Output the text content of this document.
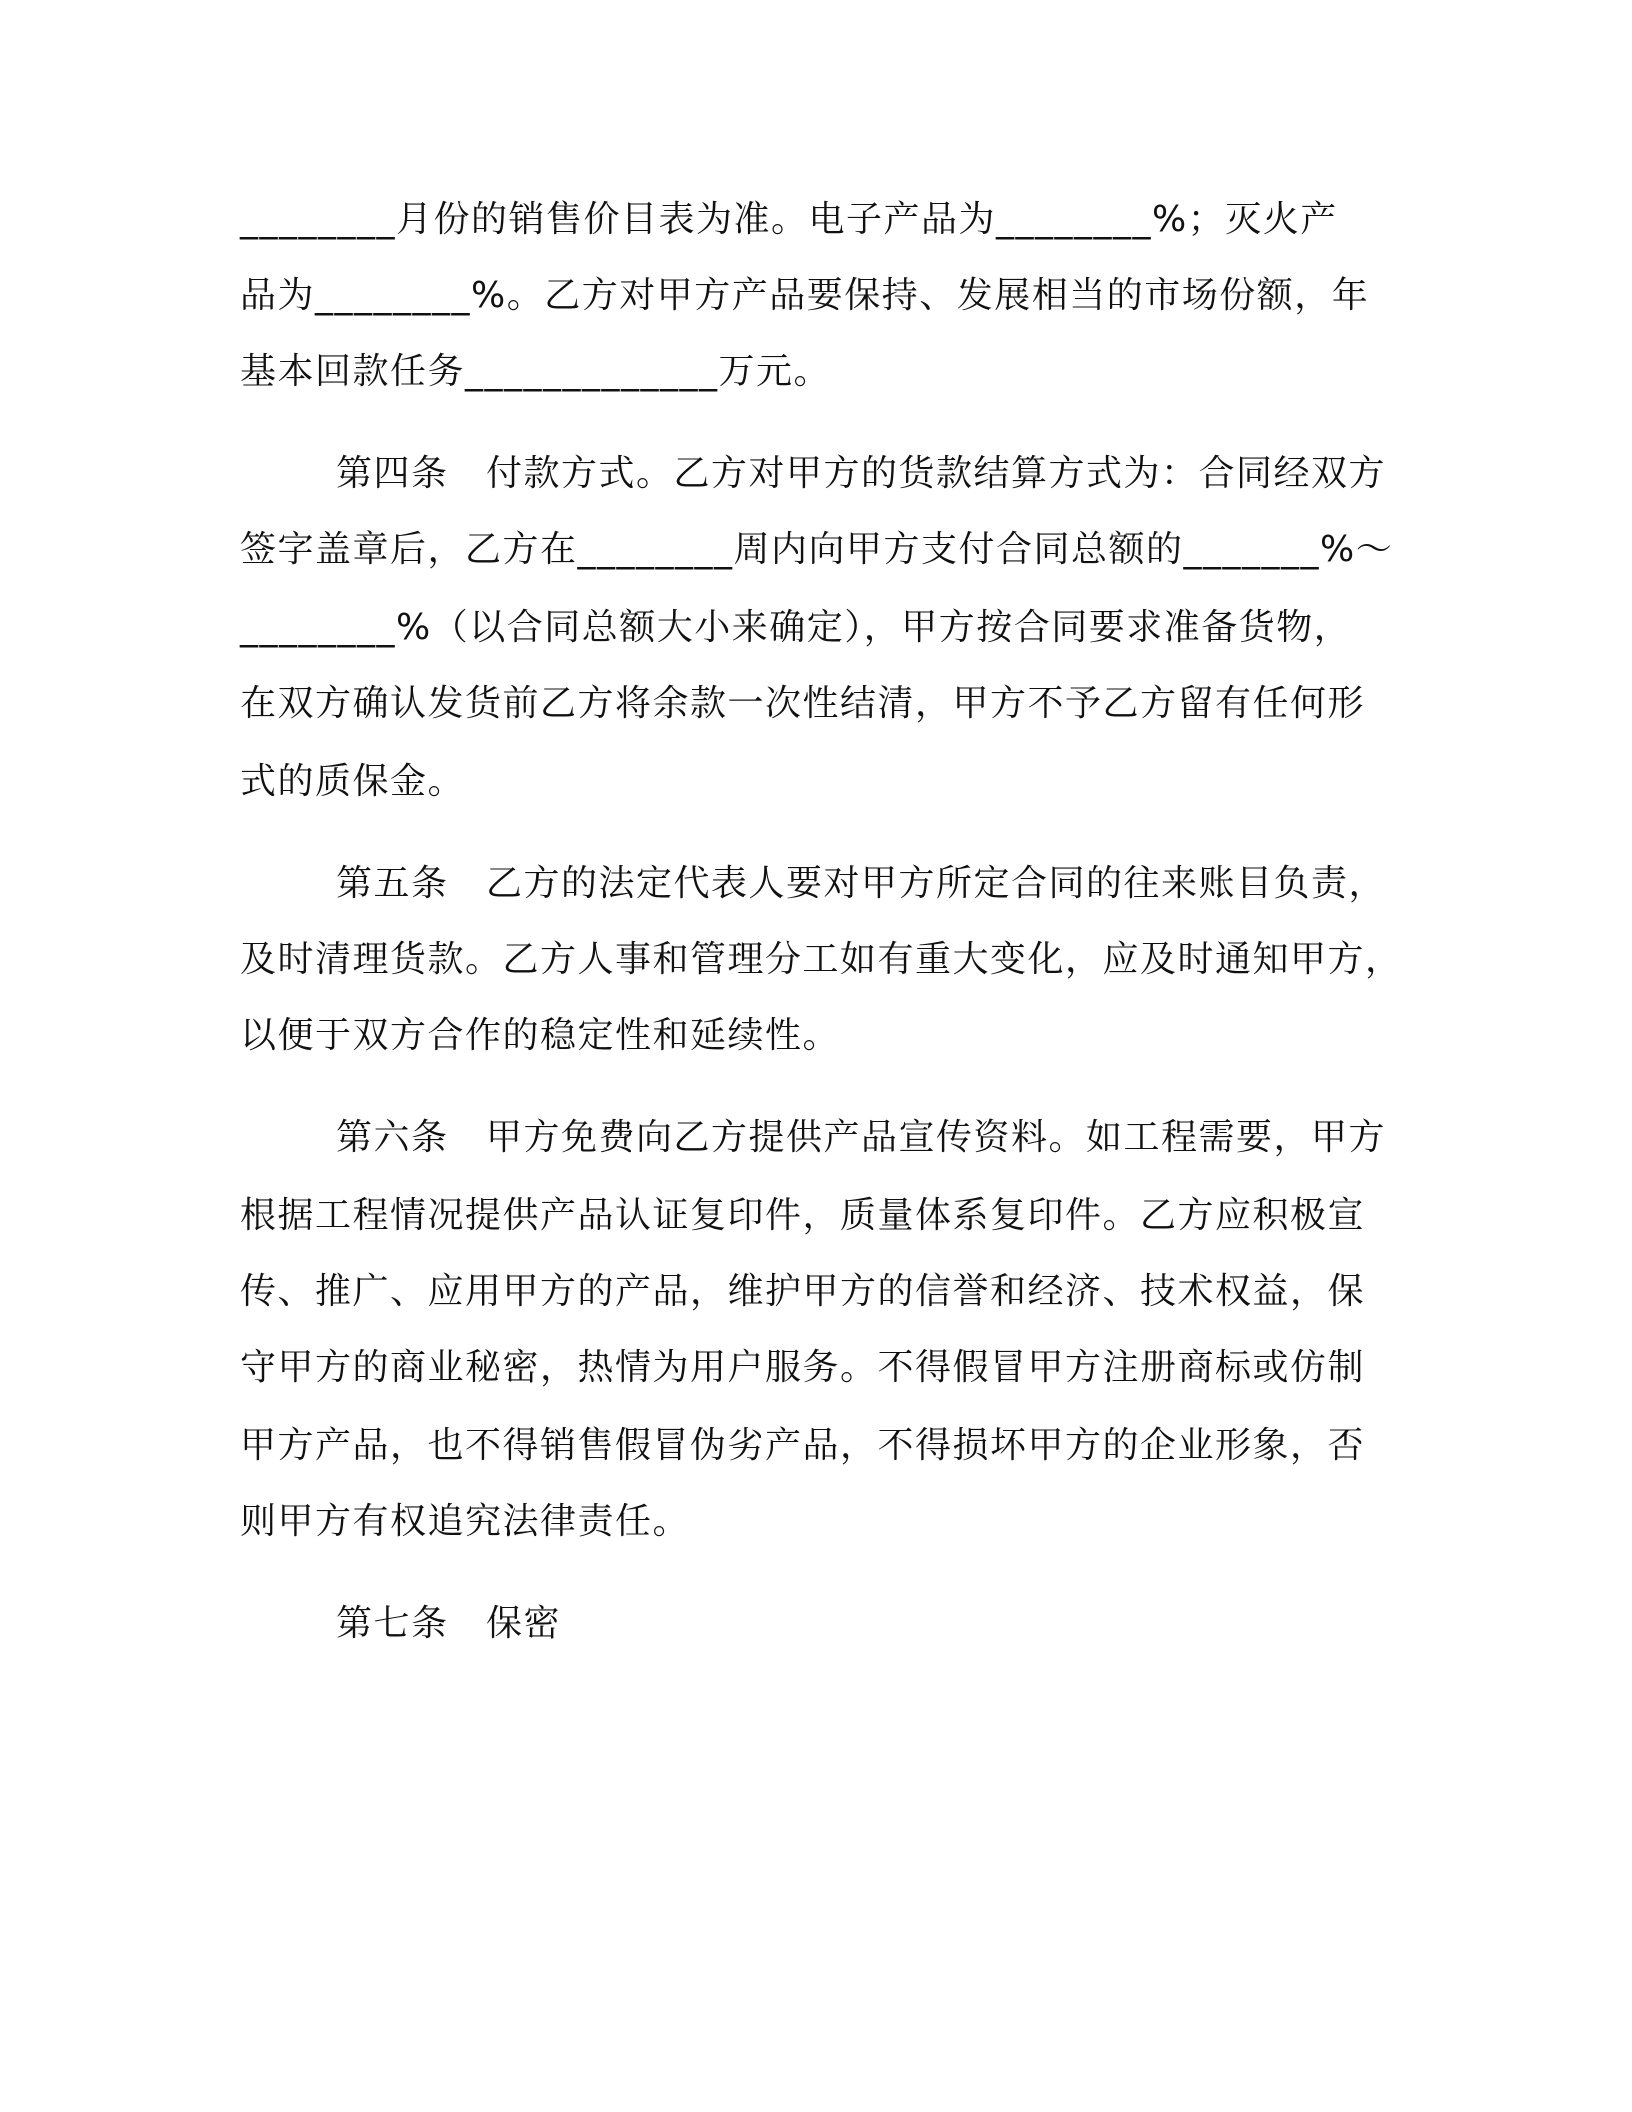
________月份的销售价目表为准。电子产品为________%；灭火产
品为________%。乙方对甲方产品要保持、发展相当的市场份额，年
基本回款任务_____________万元。
第四条　付款方式。乙方对甲方的货款结算方式为：合同经双方
签字盖章后，乙方在________周内向甲方支付合同总额的_______%～
________%（以合同总额大小来确定），甲方按合同要求准备货物，
在双方确认发货前乙方将余款一次性结清，甲方不予乙方留有任何形
式的质保金。
第五条　乙方的法定代表人要对甲方所定合同的往来账目负责，
及时清理货款。乙方人事和管理分工如有重大变化，应及时通知甲方，
以便于双方合作的稳定性和延续性。
第六条　甲方免费向乙方提供产品宣传资料。如工程需要，甲方
根据工程情况提供产品认证复印件，质量体系复印件。乙方应积极宣
传、推广、应用甲方的产品，维护甲方的信誉和经济、技术权益，保
守甲方的商业秘密，热情为用户服务。不得假冒甲方注册商标或仿制
甲方产品，也不得销售假冒伪劣产品，不得损坏甲方的企业形象，否
则甲方有权追究法律责任。
第七条　保密
